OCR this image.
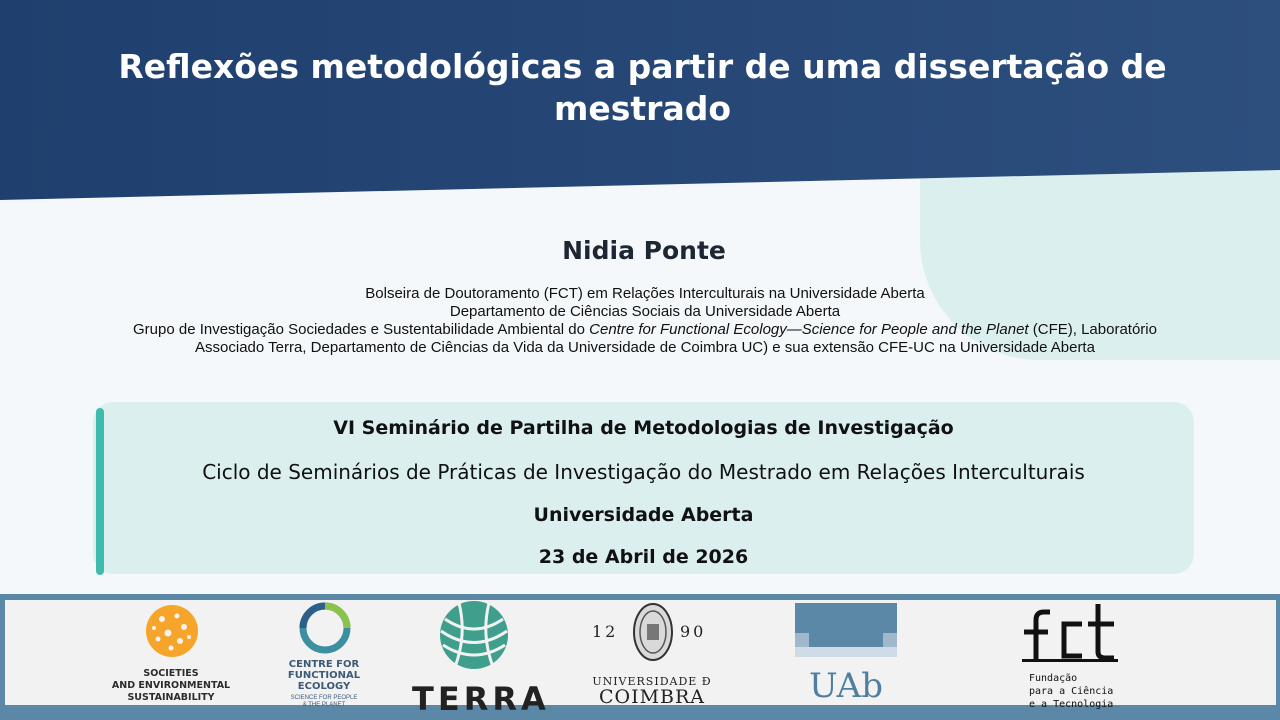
Reflexões metodológicas a partir de uma dissertação de
mestrado
Nidia Ponte
Bolseira de Doutoramento (FCT) em Relações Interculturais na Universidade Aberta
Departamento de Ciências Sociais da Universidade Aberta
Grupo de Investigação Sociedades e Sustentabilidade Ambiental do Centre for Functional Ecology—Science for People and the Planet (CFE), Laboratório
Associado Terra, Departamento de Ciências da Vida da Universidade de Coimbra UC) e sua extensão CFE-UC na Universidade Aberta
VI Seminário de Partilha de Metodologias de Investigação
Ciclo de Seminários de Práticas de Investigação do Mestrado em Relações Interculturais
Universidade Aberta
23 de Abril de 2026
SOCIETIES
AND ENVIRONMENTAL
SUSTAINABILITY
CENTRE FOR
FUNCTIONAL
ECOLOGY
SCIENCE FOR PEOPLE
& THE PLANET	TERRA
12	90
UNIVERSIDADE Ð
COIMBRA	UAb	Fundação
para a Ciência
e a Tecnologia
